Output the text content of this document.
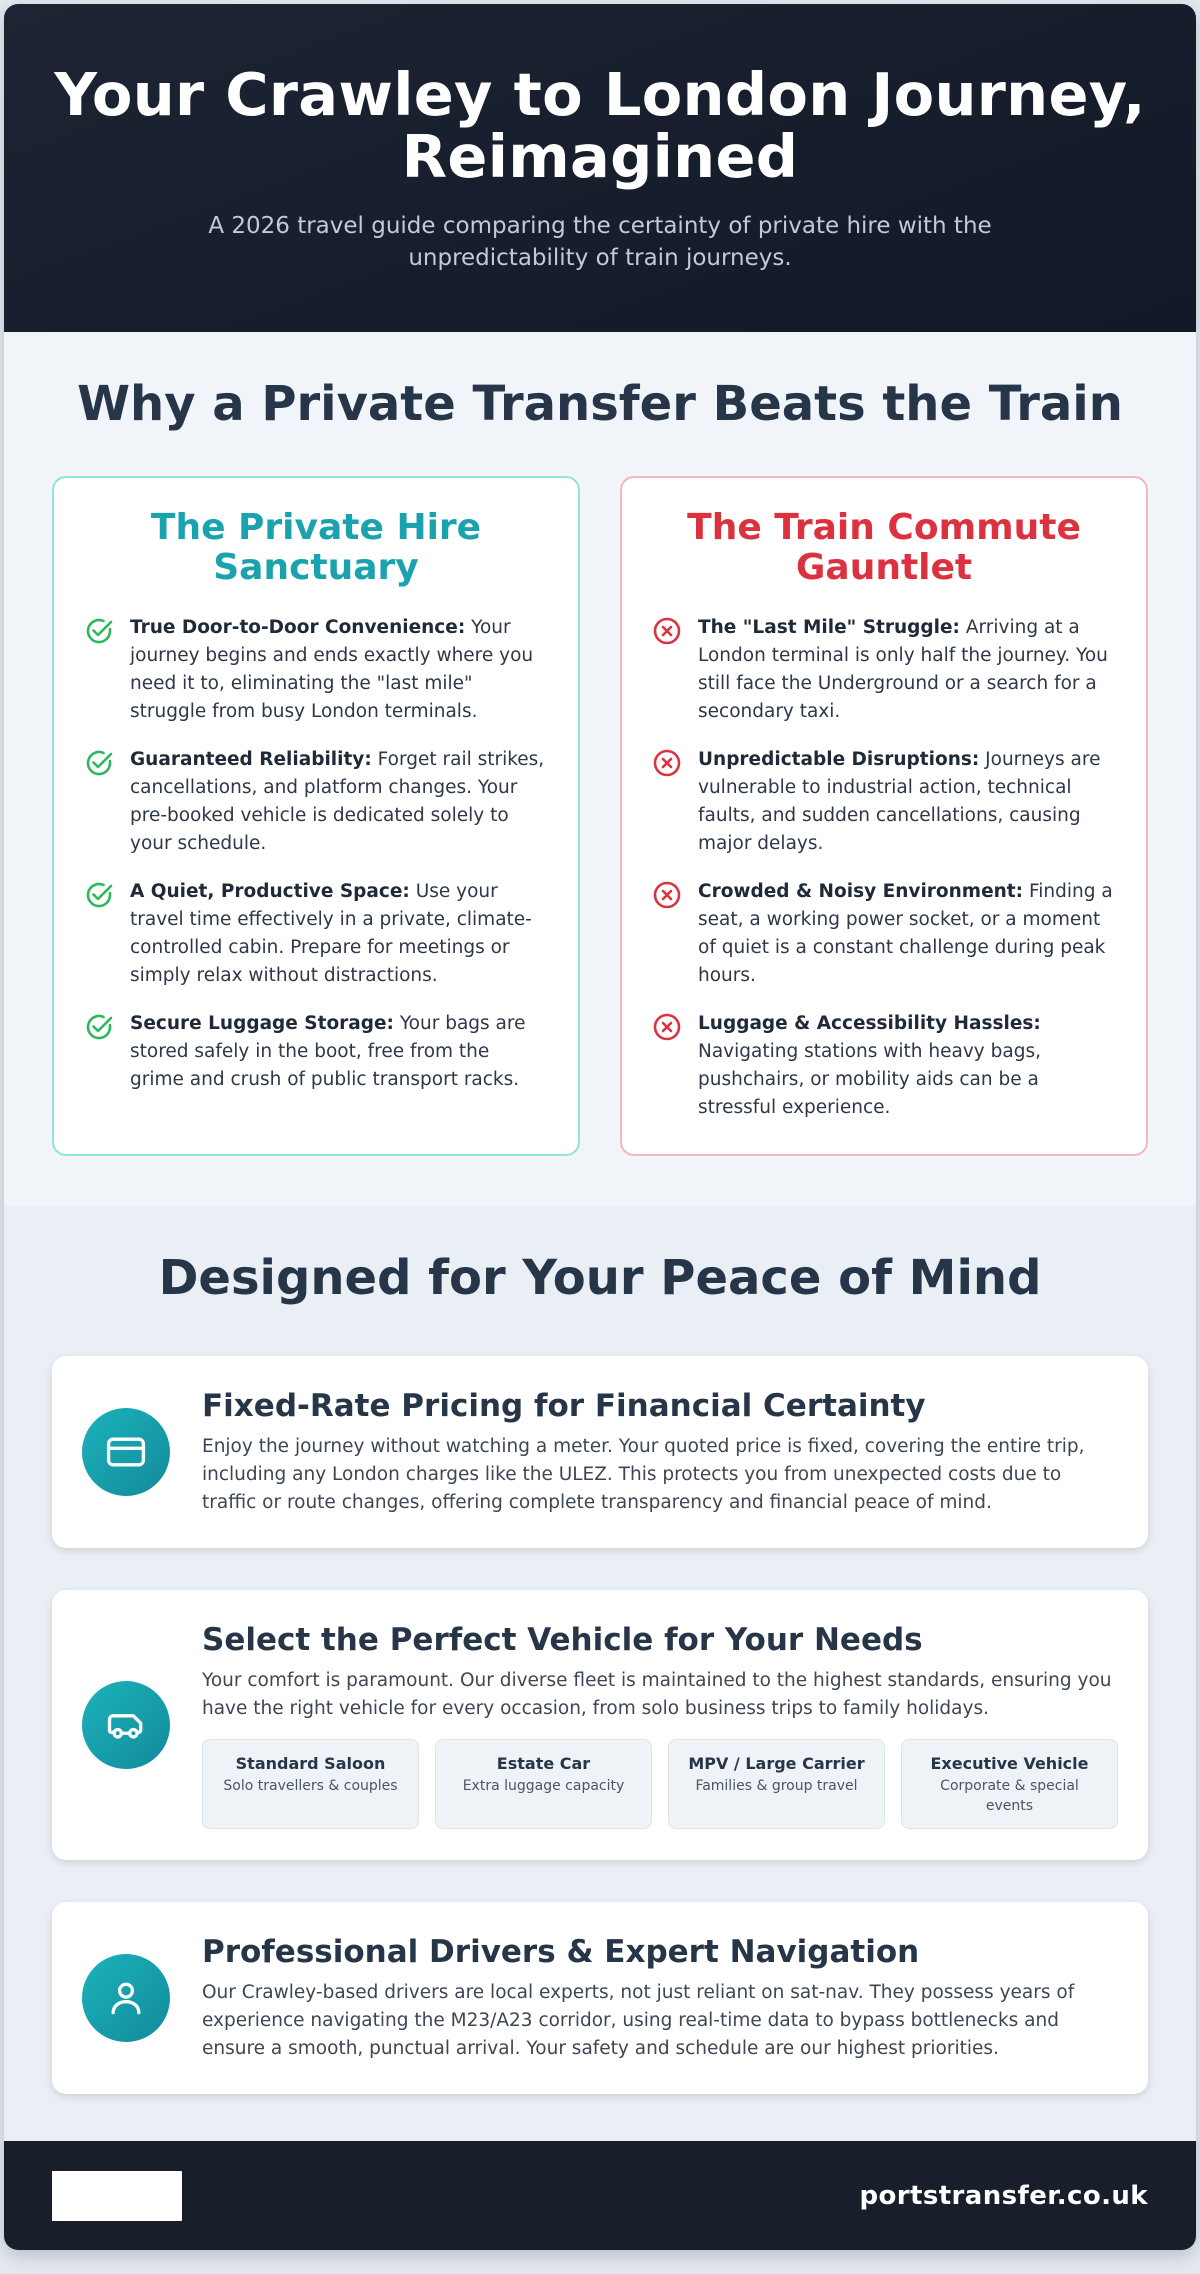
Your Crawley to London Journey, Reimagined

A 2026 travel guide comparing the certainty of private hire with the unpredictability of train journeys.

Why a Private Transfer Beats the Train
The Private Hire Sanctuary
True Door-to-Door Convenience: Your journey begins and ends exactly where you need it to, eliminating the "last mile" struggle from busy London terminals.
Guaranteed Reliability: Forget rail strikes, cancellations, and platform changes. Your pre-booked vehicle is dedicated solely to your schedule.
A Quiet, Productive Space: Use your travel time effectively in a private, climate-controlled cabin. Prepare for meetings or simply relax without distractions.
Secure Luggage Storage: Your bags are stored safely in the boot, free from the grime and crush of public transport racks.
The Train Commute Gauntlet
The "Last Mile" Struggle: Arriving at a London terminal is only half the journey. You still face the Underground or a search for a secondary taxi.
Unpredictable Disruptions: Journeys are vulnerable to industrial action, technical faults, and sudden cancellations, causing major delays.
Crowded & Noisy Environment: Finding a seat, a working power socket, or a moment of quiet is a constant challenge during peak hours.
Luggage & Accessibility Hassles: Navigating stations with heavy bags, pushchairs, or mobility aids can be a stressful experience.
Designed for Your Peace of Mind
Fixed-Rate Pricing for Financial Certainty

Enjoy the journey without watching a meter. Your quoted price is fixed, covering the entire trip, including any London charges like the ULEZ. This protects you from unexpected costs due to traffic or route changes, offering complete transparency and financial peace of mind.

Select the Perfect Vehicle for Your Needs

Your comfort is paramount. Our diverse fleet is maintained to the highest standards, ensuring you have the right vehicle for every occasion, from solo business trips to family holidays.

Standard Saloon
Solo travellers & couples
Estate Car
Extra luggage capacity
MPV / Large Carrier
Families & group travel
Executive Vehicle
Corporate & special events
Professional Drivers & Expert Navigation

Our Crawley-based drivers are local experts, not just reliant on sat-nav. They possess years of experience navigating the M23/A23 corridor, using real-time data to bypass bottlenecks and ensure a smooth, punctual arrival. Your safety and schedule are our highest priorities.

portstransfer.co.uk
